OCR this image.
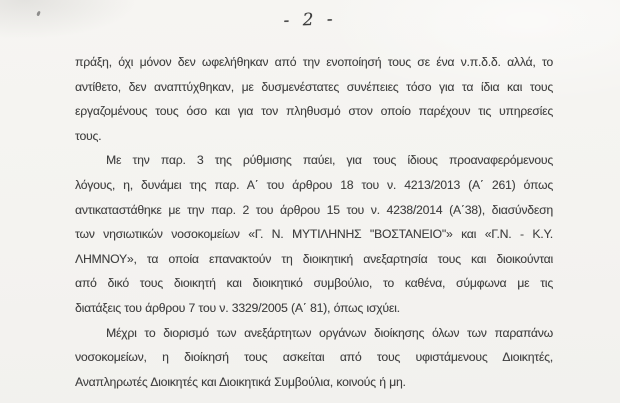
- 2 -
πράξη, όχι μόνον δεν ωφελήθηκαν από την ενοποίησή τους σε ένα ν.π.δ.δ. αλλά, το
αντίθετο, δεν αναπτύχθηκαν, με δυσμενέστατες συνέπειες τόσο για τα ίδια και τους
εργαζομένους τους όσο και για τον πληθυσμό στον οποίο παρέχουν τις υπηρεσίες
τους.
Με την παρ. 3 της ρύθμισης παύει, για τους ίδιους προαναφερόμενους
λόγους, η, δυνάμει της παρ. Α΄ του άρθρου 18 του ν. 4213/2013 (Α΄ 261) όπως
αντικαταστάθηκε με την παρ. 2 του άρθρου 15 του ν. 4238/2014 (Α΄38), διασύνδεση
των νησιωτικών νοσοκομείων «Γ. Ν. ΜΥΤΙΛΗΝΗΣ "ΒΟΣΤΑΝΕΙΟ"» και «Γ.Ν. - Κ.Υ.
ΛΗΜΝΟΥ», τα οποία επανακτούν τη διοικητική ανεξαρτησία τους και διοικούνται
από δικό τους διοικητή και διοικητικό συμβούλιο, το καθένα, σύμφωνα με τις
διατάξεις του άρθρου 7 του ν. 3329/2005 (Α΄ 81), όπως ισχύει.
Μέχρι το διορισμό των ανεξάρτητων οργάνων διοίκησης όλων των παραπάνω
νοσοκομείων, η διοίκησή τους ασκείται από τους υφιστάμενους Διοικητές,
Αναπληρωτές Διοικητές και Διοικητικά Συμβούλια, κοινούς ή μη.
